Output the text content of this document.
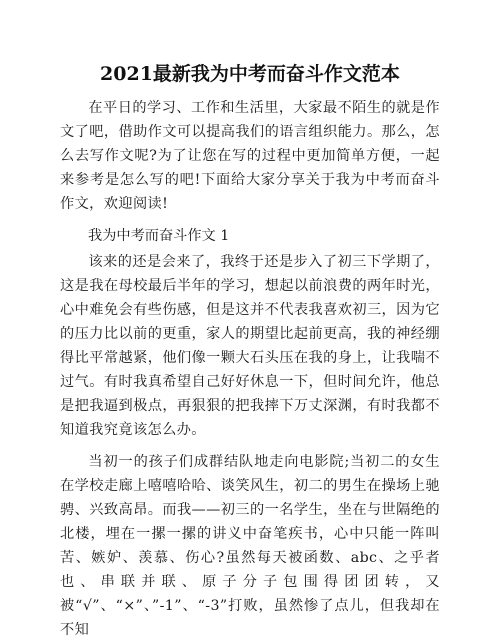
2021最新我为中考而奋斗作文范本

在平日的学习、工作和生活里，大家最不陌生的就是作文了吧，借助作文可以提高我们的语言组织能力。那么，怎么去写作文呢?为了让您在写的过程中更加简单方便，一起来参考是怎么写的吧!下面给大家分享关于我为中考而奋斗作文，欢迎阅读!

我为中考而奋斗作文 1

该来的还是会来了，我终于还是步入了初三下学期了，这是我在母校最后半年的学习，想起以前浪费的两年时光，心中难免会有些伤感，但是这并不代表我喜欢初三，因为它的压力比以前的更重，家人的期望比起前更高，我的神经绷得比平常越紧，他们像一颗大石头压在我的身上，让我喘不过气。有时我真希望自己好好休息一下，但时间允许，他总是把我逼到极点，再狠狠的把我摔下万丈深渊，有时我都不知道我究竟该怎么办。

当初一的孩子们成群结队地走向电影院;当初二的女生在学校走廊上嘻嘻哈哈、谈笑风生，初二的男生在操场上驰骋、兴致高昂。而我——初三的一名学生，坐在与世隔绝的北楼，埋在一摞一摞的讲义中奋笔疾书，心中只能一阵叫苦、嫉妒、羡慕、伤心?虽然每天被函数、abc、之乎者也、串联并联、原子分子包围得团团转，又被“√”、“×”、”-1”、“-3”打败，虽然惨了点儿，但我却在不知
